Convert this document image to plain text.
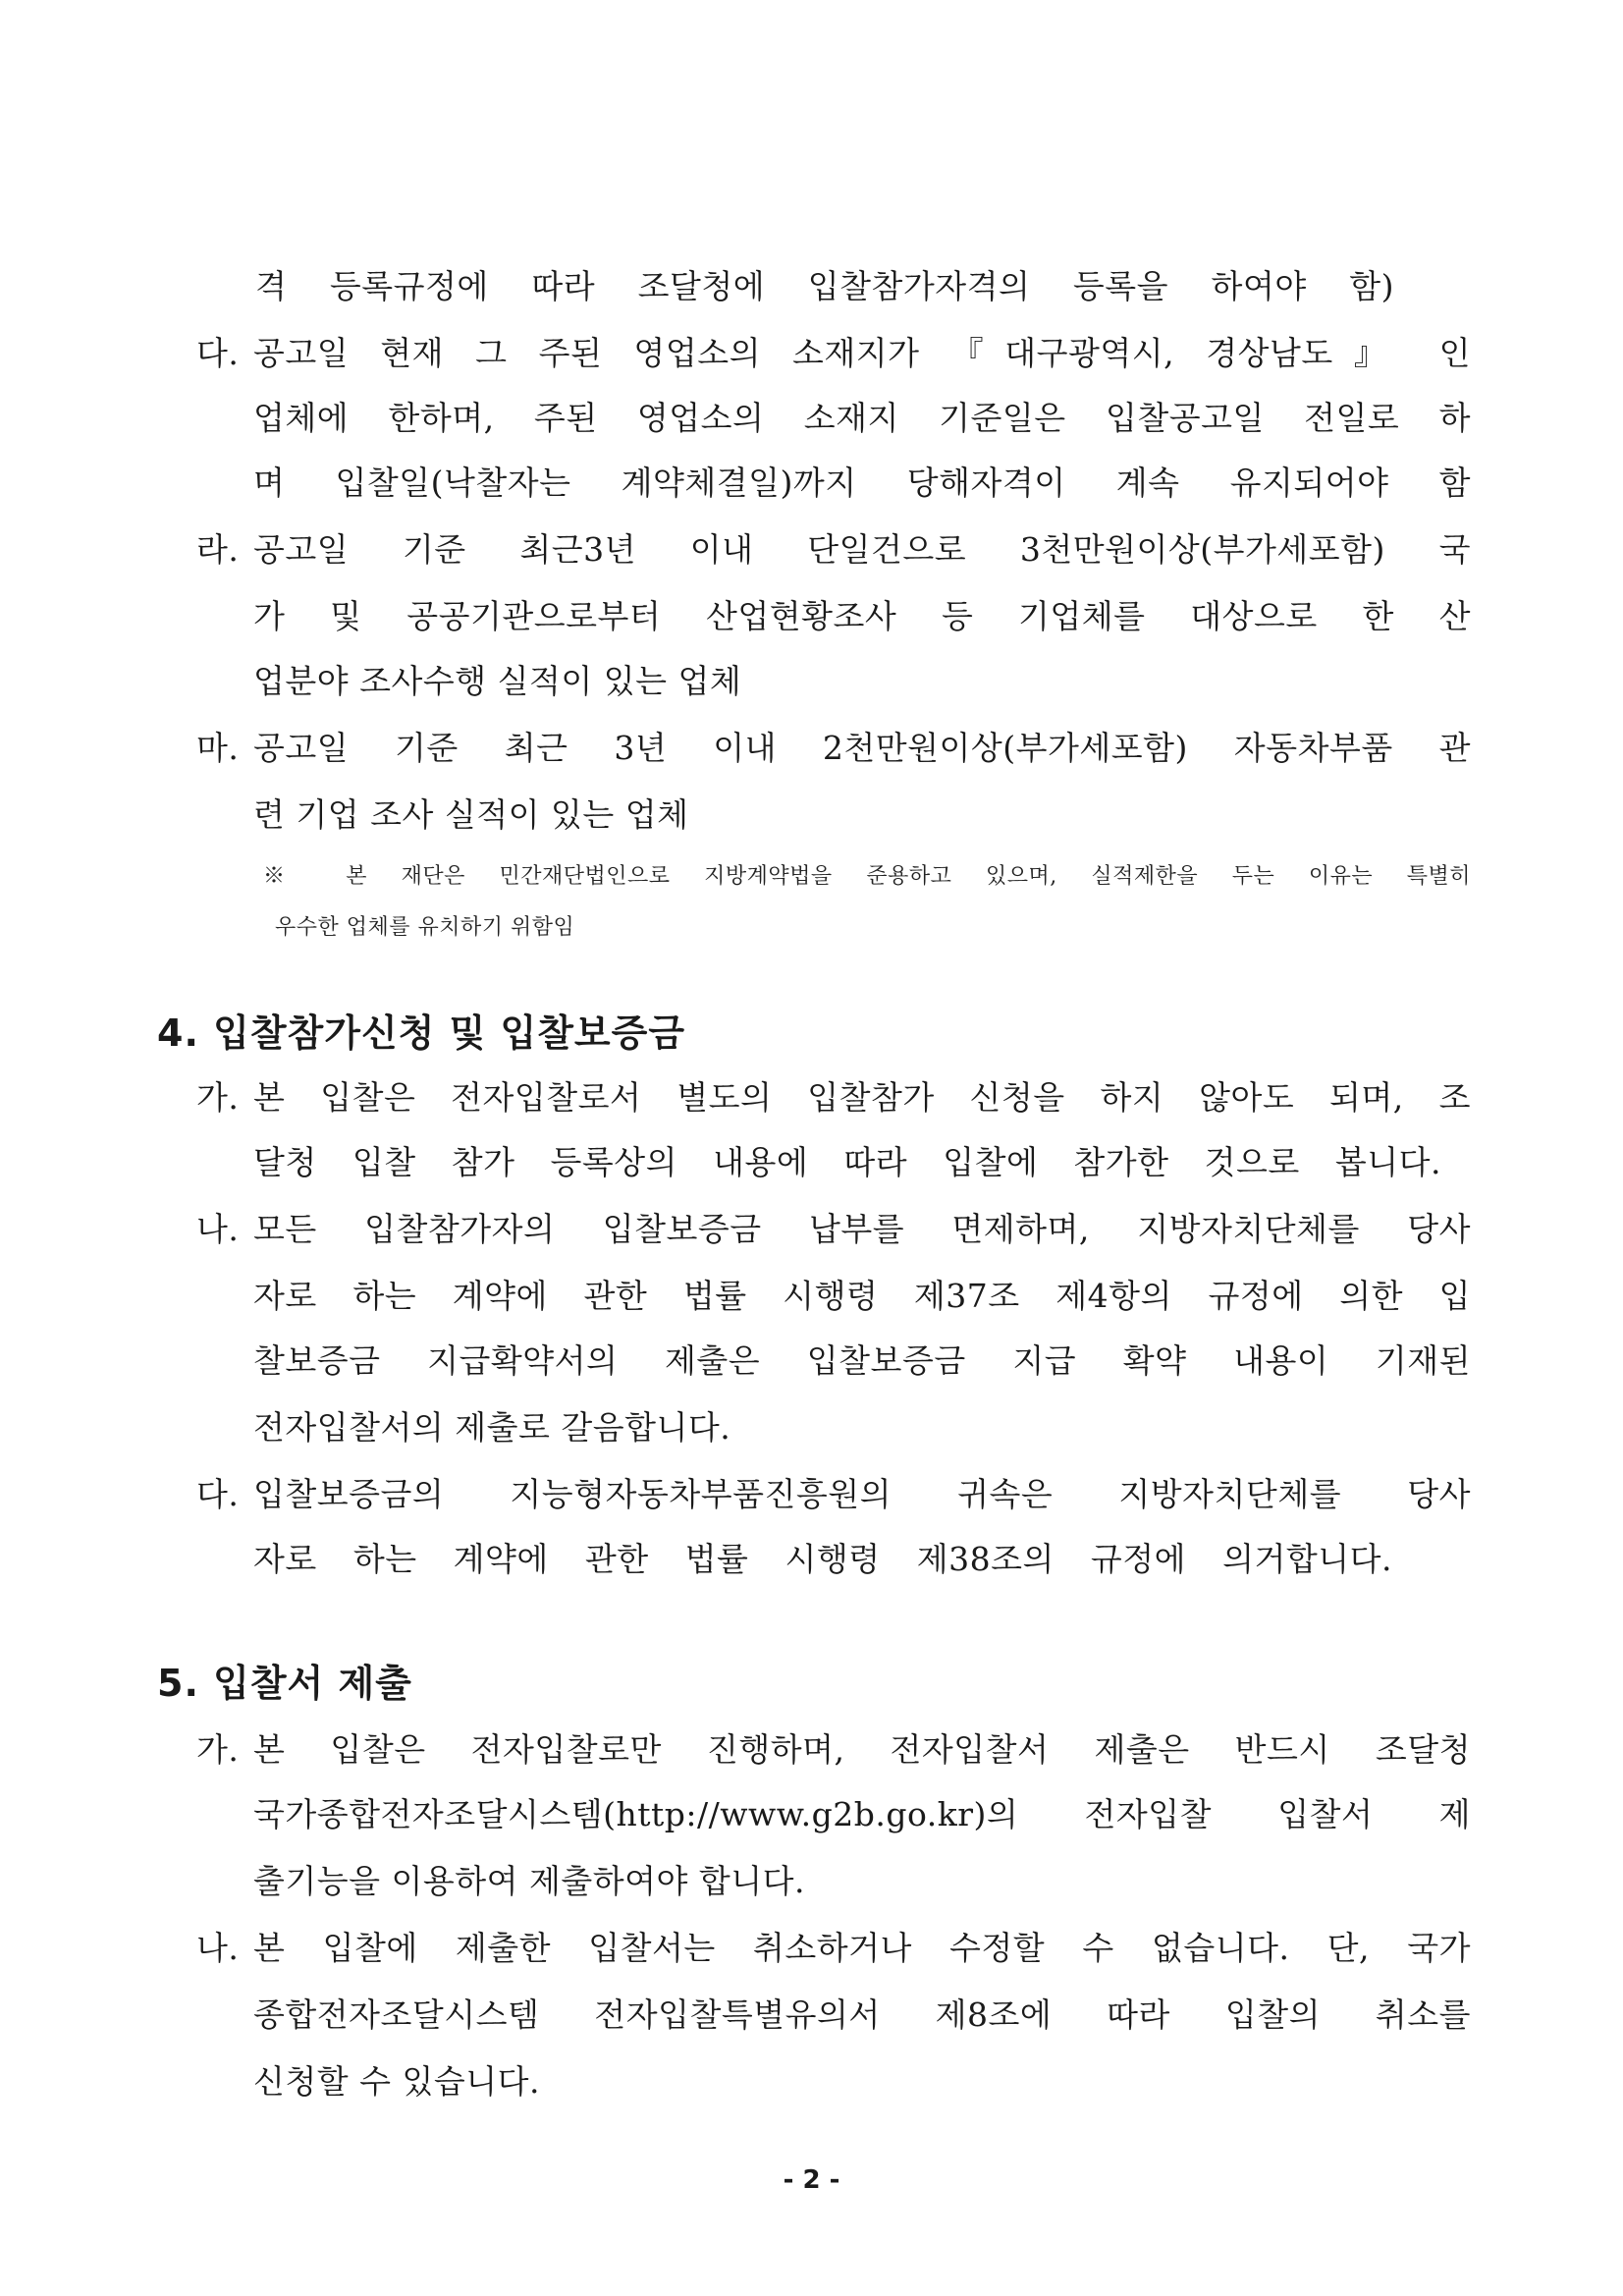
격 등록규정에 따라 조달청에 입찰참가자격의 등록을 하여야 함)
다. 공고일 현재 그 주된 영업소의 소재지가 『대구광역시, 경상남도』 인
업체에 한하며, 주된 영업소의 소재지 기준일은 입찰공고일 전일로 하
며 입찰일(낙찰자는 계약체결일)까지 당해자격이 계속 유지되어야 함
라. 공고일 기준 최근3년 이내 단일건으로 3천만원이상(부가세포함) 국
가 및 공공기관으로부터 산업현황조사 등 기업체를 대상으로 한 산
업분야 조사수행 실적이 있는 업체
마. 공고일 기준 최근 3년 이내 2천만원이상(부가세포함) 자동차부품 관
련 기업 조사 실적이 있는 업체
※ 본 재단은 민간재단법인으로 지방계약법을 준용하고 있으며, 실적제한을 두는 이유는 특별히
우수한 업체를 유치하기 위함임
4. 입찰참가신청 및 입찰보증금
가. 본 입찰은 전자입찰로서 별도의 입찰참가 신청을 하지 않아도 되며, 조
달청 입찰 참가 등록상의 내용에 따라 입찰에 참가한 것으로 봅니다.
나. 모든 입찰참가자의 입찰보증금 납부를 면제하며, 지방자치단체를 당사
자로 하는 계약에 관한 법률 시행령 제37조 제4항의 규정에 의한 입
찰보증금 지급확약서의 제출은 입찰보증금 지급 확약 내용이 기재된
전자입찰서의 제출로 갈음합니다.
다. 입찰보증금의 지능형자동차부품진흥원의 귀속은 지방자치단체를 당사
자로 하는 계약에 관한 법률 시행령 제38조의 규정에 의거합니다.
5. 입찰서 제출
가. 본 입찰은 전자입찰로만 진행하며, 전자입찰서 제출은 반드시 조달청
국가종합전자조달시스템(http://www.g2b.go.kr)의 전자입찰 입찰서 제
출기능을 이용하여 제출하여야 합니다.
나. 본 입찰에 제출한 입찰서는 취소하거나 수정할 수 없습니다. 단, 국가
종합전자조달시스템 전자입찰특별유의서 제8조에 따라 입찰의 취소를
신청할 수 있습니다.
- 2 -
